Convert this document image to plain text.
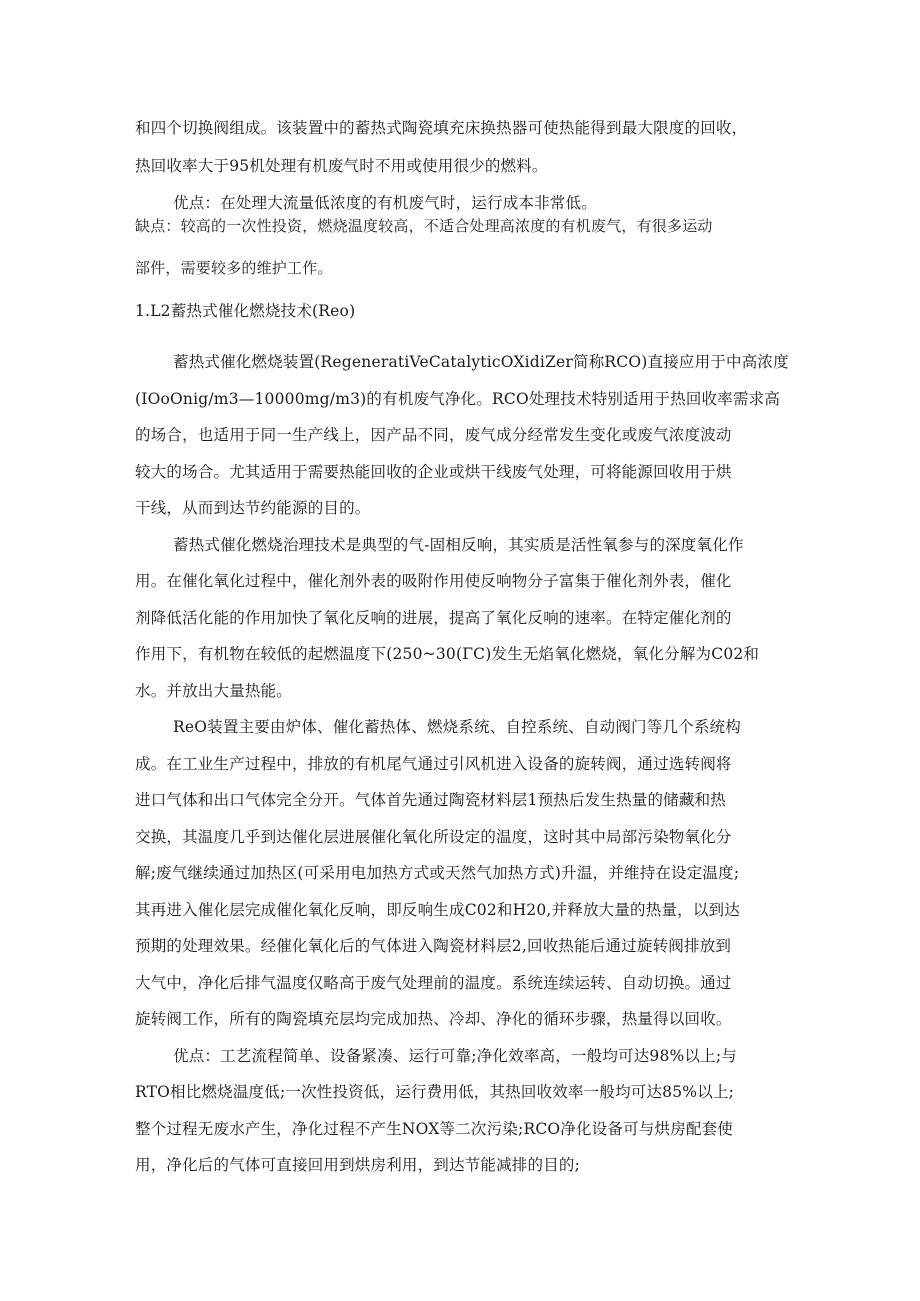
和四个切换阀组成。该装置中的蓄热式陶瓷填充床换热器可使热能得到最大限度的回收，
热回收率大于95机处理有机废气时不用或使用很少的燃料。
优点：在处理大流量低浓度的有机废气时，运行成本非常低。
缺点：较高的一次性投资，燃烧温度较高，不适合处理高浓度的有机废气，有很多运动
部件，需要较多的维护工作。
1.L2蓄热式催化燃烧技术(Reo)
蓄热式催化燃烧装置(RegeneratiVeCatalyticOXidiZer简称RCO)直接应用于中高浓度
(IOoOnig/m3—10000mg/m3)的有机废气净化。RCO处理技术特别适用于热回收率需求高
的场合，也适用于同一生产线上，因产品不同，废气成分经常发生变化或废气浓度波动
较大的场合。尤其适用于需要热能回收的企业或烘干线废气处理，可将能源回收用于烘
干线，从而到达节约能源的目的。
蓄热式催化燃烧治理技术是典型的气-固相反响，其实质是活性氧参与的深度氧化作
用。在催化氧化过程中，催化剂外表的吸附作用使反响物分子富集于催化剂外表，催化
剂降低活化能的作用加快了氧化反响的进展，提高了氧化反响的速率。在特定催化剂的
作用下，有机物在较低的起燃温度下(250~30(ΓC)发生无焰氧化燃烧，氧化分解为C02和
水。并放出大量热能。
ReO装置主要由炉体、催化蓄热体、燃烧系统、自控系统、自动阀门等几个系统构
成。在工业生产过程中，排放的有机尾气通过引风机进入设备的旋转阀，通过选转阀将
进口气体和出口气体完全分开。气体首先通过陶瓷材料层1预热后发生热量的储藏和热
交换，其温度几乎到达催化层进展催化氧化所设定的温度，这时其中局部污染物氧化分
解;废气继续通过加热区(可采用电加热方式或天然气加热方式)升温，并维持在设定温度;
其再进入催化层完成催化氧化反响，即反响生成C02和H20,并释放大量的热量，以到达
预期的处理效果。经催化氧化后的气体进入陶瓷材料层2,回收热能后通过旋转阀排放到
大气中，净化后排气温度仅略高于废气处理前的温度。系统连续运转、自动切换。通过
旋转阀工作，所有的陶瓷填充层均完成加热、冷却、净化的循环步骤，热量得以回收。
优点：工艺流程简单、设备紧凑、运行可靠;净化效率高，一般均可达98%以上;与
RTO相比燃烧温度低;一次性投资低，运行费用低，其热回收效率一般均可达85%以上;
整个过程无废水产生，净化过程不产生NOX等二次污染;RCO净化设备可与烘房配套使
用，净化后的气体可直接回用到烘房利用，到达节能减排的目的;
